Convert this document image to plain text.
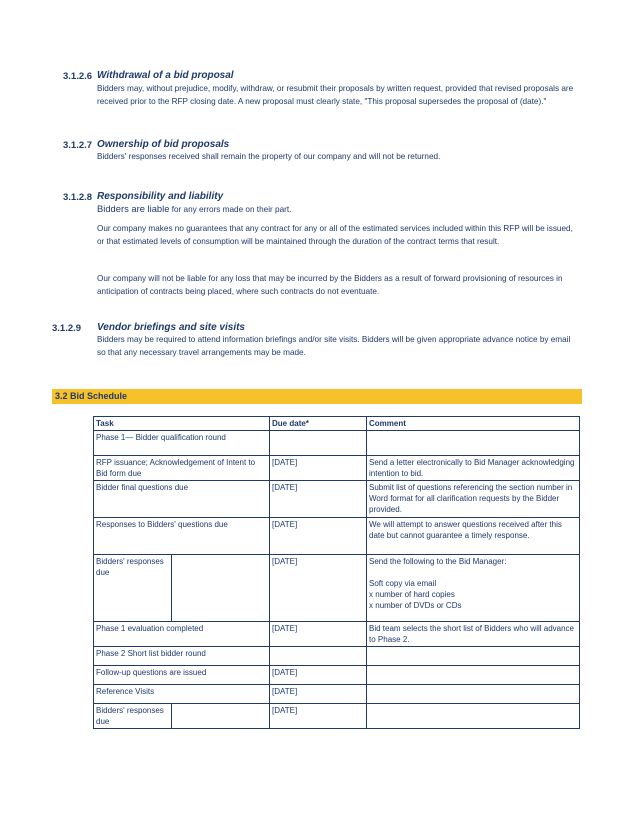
3.1.2.6 Withdrawal of a bid proposal
Bidders may, without prejudice, modify, withdraw, or resubmit their proposals by written request, provided that revised proposals are received prior to the RFP closing date. A new proposal must clearly state, "This proposal supersedes the proposal of (date)."
3.1.2.7 Ownership of bid proposals
Bidders' responses received shall remain the property of our company and will not be returned.
3.1.2.8 Responsibility and liability
Bidders are liable for any errors made on their part.
Our company makes no guarantees that any contract for any or all of the estimated services included within this RFP will be issued, or that estimated levels of consumption will be maintained through the duration of the contract terms that result.
Our company will not be liable for any loss that may be incurred by the Bidders as a result of forward provisioning of resources in anticipation of contracts being placed, where such contracts do not eventuate.
3.1.2.9 Vendor briefings and site visits
Bidders may be required to attend information briefings and/or site visits. Bidders will be given appropriate advance notice by email so that any necessary travel arrangements may be made.
3.2 Bid Schedule
Task		Due date*	Comment
Phase 1— Bidder qualification round			
RFP issuance; Acknowledgement of Intent to Bid form due		[DATE]	Send a letter electronically to Bid Manager acknowledging intention to bid.
Bidder final questions due		[DATE]	Submit list of questions referencing the section number in Word format for all clarification requests by the Bidder provided.
Responses to Bidders' questions due		[DATE]	We will attempt to answer questions received after this date but cannot guarantee a timely response.
Bidders' responses due		[DATE]	Send the following to the Bid Manager:

Soft copy via email
x number of hard copies
x number of DVDs or CDs
Phase 1 evaluation completed		[DATE]	Bid team selects the short list of Bidders who will advance to Phase 2.
Phase 2 Short list bidder round			
Follow-up questions are issued		[DATE]	
Reference Visits		[DATE]	
Bidders' responses due		[DATE]	
